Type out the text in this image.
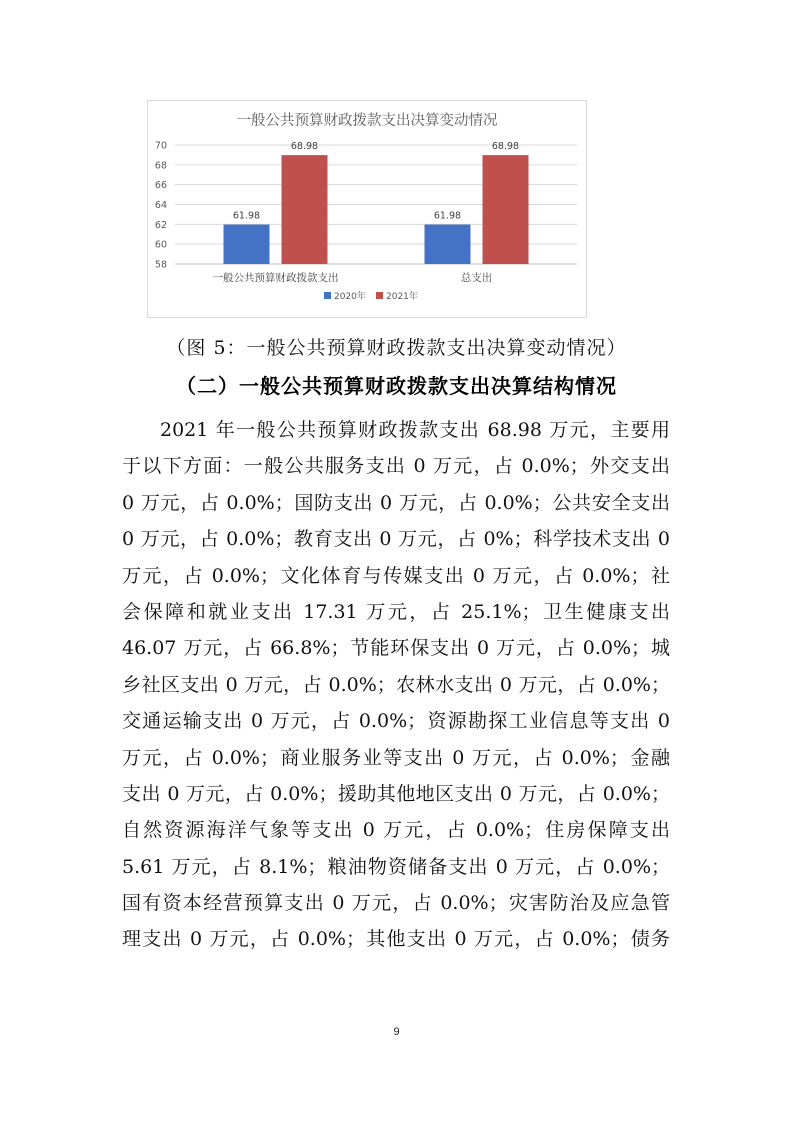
一般公共预算财政拨款支出决算变动情况
58
60
62
64
66
68
70
61.98
68.98
61.98
68.98
一般公共预算财政拨款支出	总支出
2020年 2021年
（图 5：一般公共预算财政拨款支出决算变动情况）
（二）一般公共预算财政拨款支出决算结构情况
2021 年一般公共预算财政拨款支出 68.98 万元，主要用
于以下方面：一般公共服务支出 0 万元，占 0.0%；外交支出
0 万元，占 0.0%；国防支出 0 万元，占 0.0%；公共安全支出
0 万元，占 0.0%；教育支出 0 万元，占 0%；科学技术支出 0
万元，占 0.0%；文化体育与传媒支出 0 万元，占 0.0%；社
会保障和就业支出 17.31 万元，占 25.1%；卫生健康支出
46.07 万元，占 66.8%；节能环保支出 0 万元，占 0.0%；城
乡社区支出 0 万元，占 0.0%；农林水支出 0 万元，占 0.0%；
交通运输支出 0 万元，占 0.0%；资源勘探工业信息等支出 0
万元，占 0.0%；商业服务业等支出 0 万元，占 0.0%；金融
支出 0 万元，占 0.0%；援助其他地区支出 0 万元，占 0.0%；
自然资源海洋气象等支出 0 万元，占 0.0%；住房保障支出
5.61 万元，占 8.1%；粮油物资储备支出 0 万元，占 0.0%；
国有资本经营预算支出 0 万元，占 0.0%；灾害防治及应急管
理支出 0 万元，占 0.0%；其他支出 0 万元，占 0.0%；债务
9
